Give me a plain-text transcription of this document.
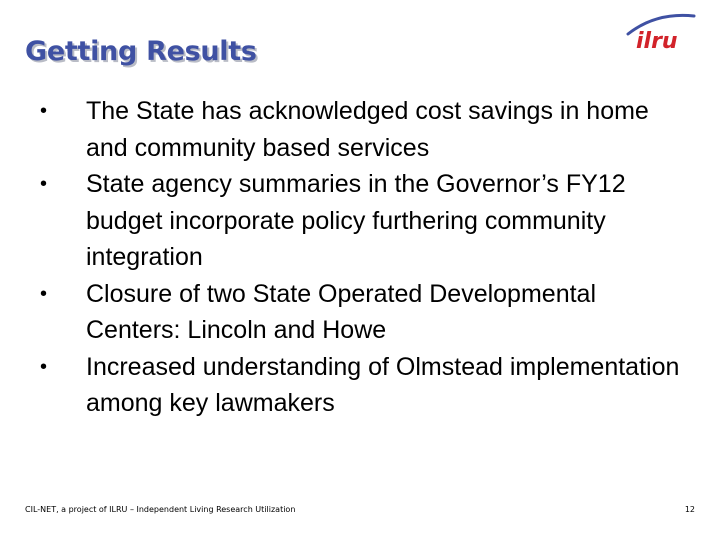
Getting Results	ilru
• The State has acknowledged cost savings in home and community based services
• State agency summaries in the Governor’s FY12 budget incorporate policy furthering community integration
• Closure of two State Operated Developmental Centers: Lincoln and Howe
• Increased understanding of Olmstead implementation among key lawmakers
CIL-NET, a project of ILRU – Independent Living Research Utilization	12
